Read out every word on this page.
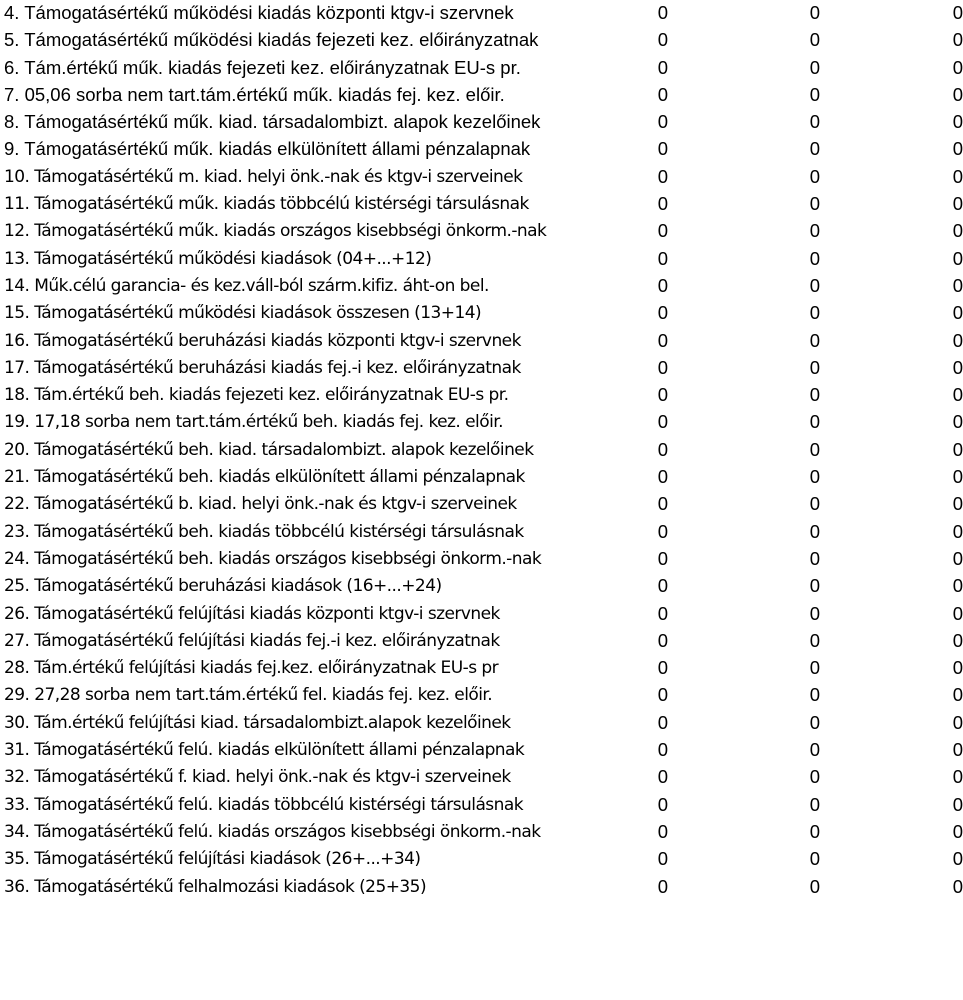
4. Támogatásértékű működési kiadás központi ktgv-i szervnek	0	0	0
5. Támogatásértékű működési kiadás fejezeti kez. előirányzatnak	0	0	0
6. Tám.értékű műk. kiadás fejezeti kez. előirányzatnak EU-s pr.	0	0	0
7. 05,06 sorba nem tart.tám.értékű műk. kiadás fej. kez. előir.	0	0	0
8. Támogatásértékű műk. kiad. társadalombizt. alapok kezelőinek	0	0	0
9. Támogatásértékű műk. kiadás elkülönített állami pénzalapnak	0	0	0
10. Támogatásértékű m. kiad. helyi önk.-nak és ktgv-i szerveinek	0	0	0
11. Támogatásértékű műk. kiadás többcélú kistérségi társulásnak	0	0	0
12. Támogatásértékű műk. kiadás országos kisebbségi önkorm.-nak	0	0	0
13. Támogatásértékű működési kiadások (04+...+12)	0	0	0
14. Műk.célú garancia- és kez.váll-ból szárm.kifiz. áht-on bel.	0	0	0
15. Támogatásértékű működési kiadások összesen (13+14)	0	0	0
16. Támogatásértékű beruházási kiadás központi ktgv-i szervnek	0	0	0
17. Támogatásértékű beruházási kiadás fej.-i kez. előirányzatnak	0	0	0
18. Tám.értékű beh. kiadás fejezeti kez. előirányzatnak EU-s pr.	0	0	0
19. 17,18 sorba nem tart.tám.értékű beh. kiadás fej. kez. előir.	0	0	0
20. Támogatásértékű beh. kiad. társadalombizt. alapok kezelőinek	0	0	0
21. Támogatásértékű beh. kiadás elkülönített állami pénzalapnak	0	0	0
22. Támogatásértékű b. kiad. helyi önk.-nak és ktgv-i szerveinek	0	0	0
23. Támogatásértékű beh. kiadás többcélú kistérségi társulásnak	0	0	0
24. Támogatásértékű beh. kiadás országos kisebbségi önkorm.-nak	0	0	0
25. Támogatásértékű beruházási kiadások (16+...+24)	0	0	0
26. Támogatásértékű felújítási kiadás központi ktgv-i szervnek	0	0	0
27. Támogatásértékű felújítási kiadás fej.-i kez. előirányzatnak	0	0	0
28. Tám.értékű felújítási kiadás fej.kez. előirányzatnak EU-s pr	0	0	0
29. 27,28 sorba nem tart.tám.értékű fel. kiadás fej. kez. előir.	0	0	0
30. Tám.értékű felújítási kiad. társadalombizt.alapok kezelőinek	0	0	0
31. Támogatásértékű felú. kiadás elkülönített állami pénzalapnak	0	0	0
32. Támogatásértékű f. kiad. helyi önk.-nak és ktgv-i szerveinek	0	0	0
33. Támogatásértékű felú. kiadás többcélú kistérségi társulásnak	0	0	0
34. Támogatásértékű felú. kiadás országos kisebbségi önkorm.-nak	0	0	0
35. Támogatásértékű felújítási kiadások (26+...+34)	0	0	0
36. Támogatásértékű felhalmozási kiadások (25+35)	0	0	0
